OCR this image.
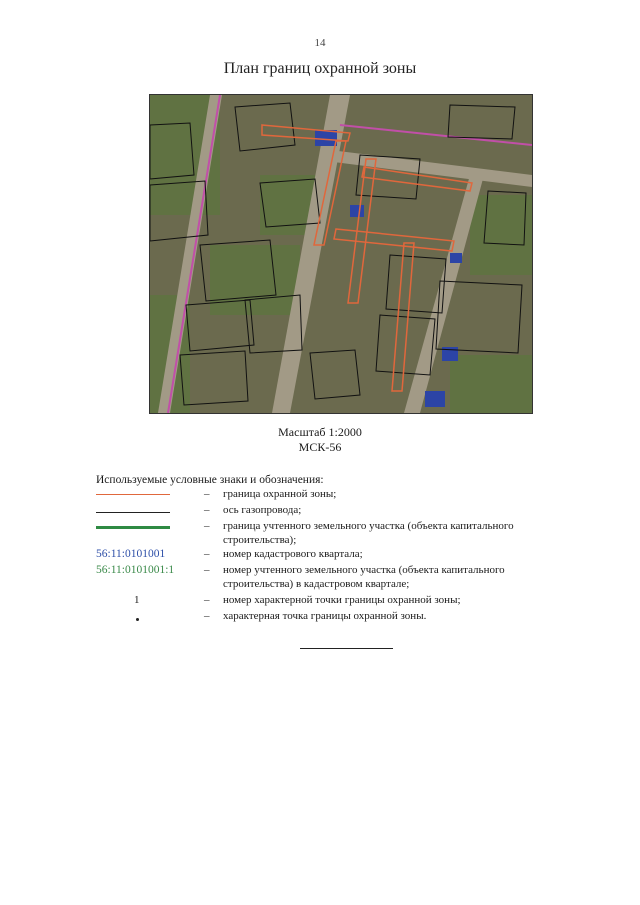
14
План границ охранной зоны
Масштаб 1:2000
МСК-56
Используемые условные знаки и обозначения:
– граница охранной зоны;
– ось газопровода;
– граница учтенного земельного участка (объекта капитального строительства);
56:11:0101001	– номер кадастрового квартала;
56:11:0101001:1	– номер учтенного земельного участка (объекта капитального строительства) в кадастровом квартале;
1	– номер характерной точки границы охранной зоны;
– характерная точка границы охранной зоны.
